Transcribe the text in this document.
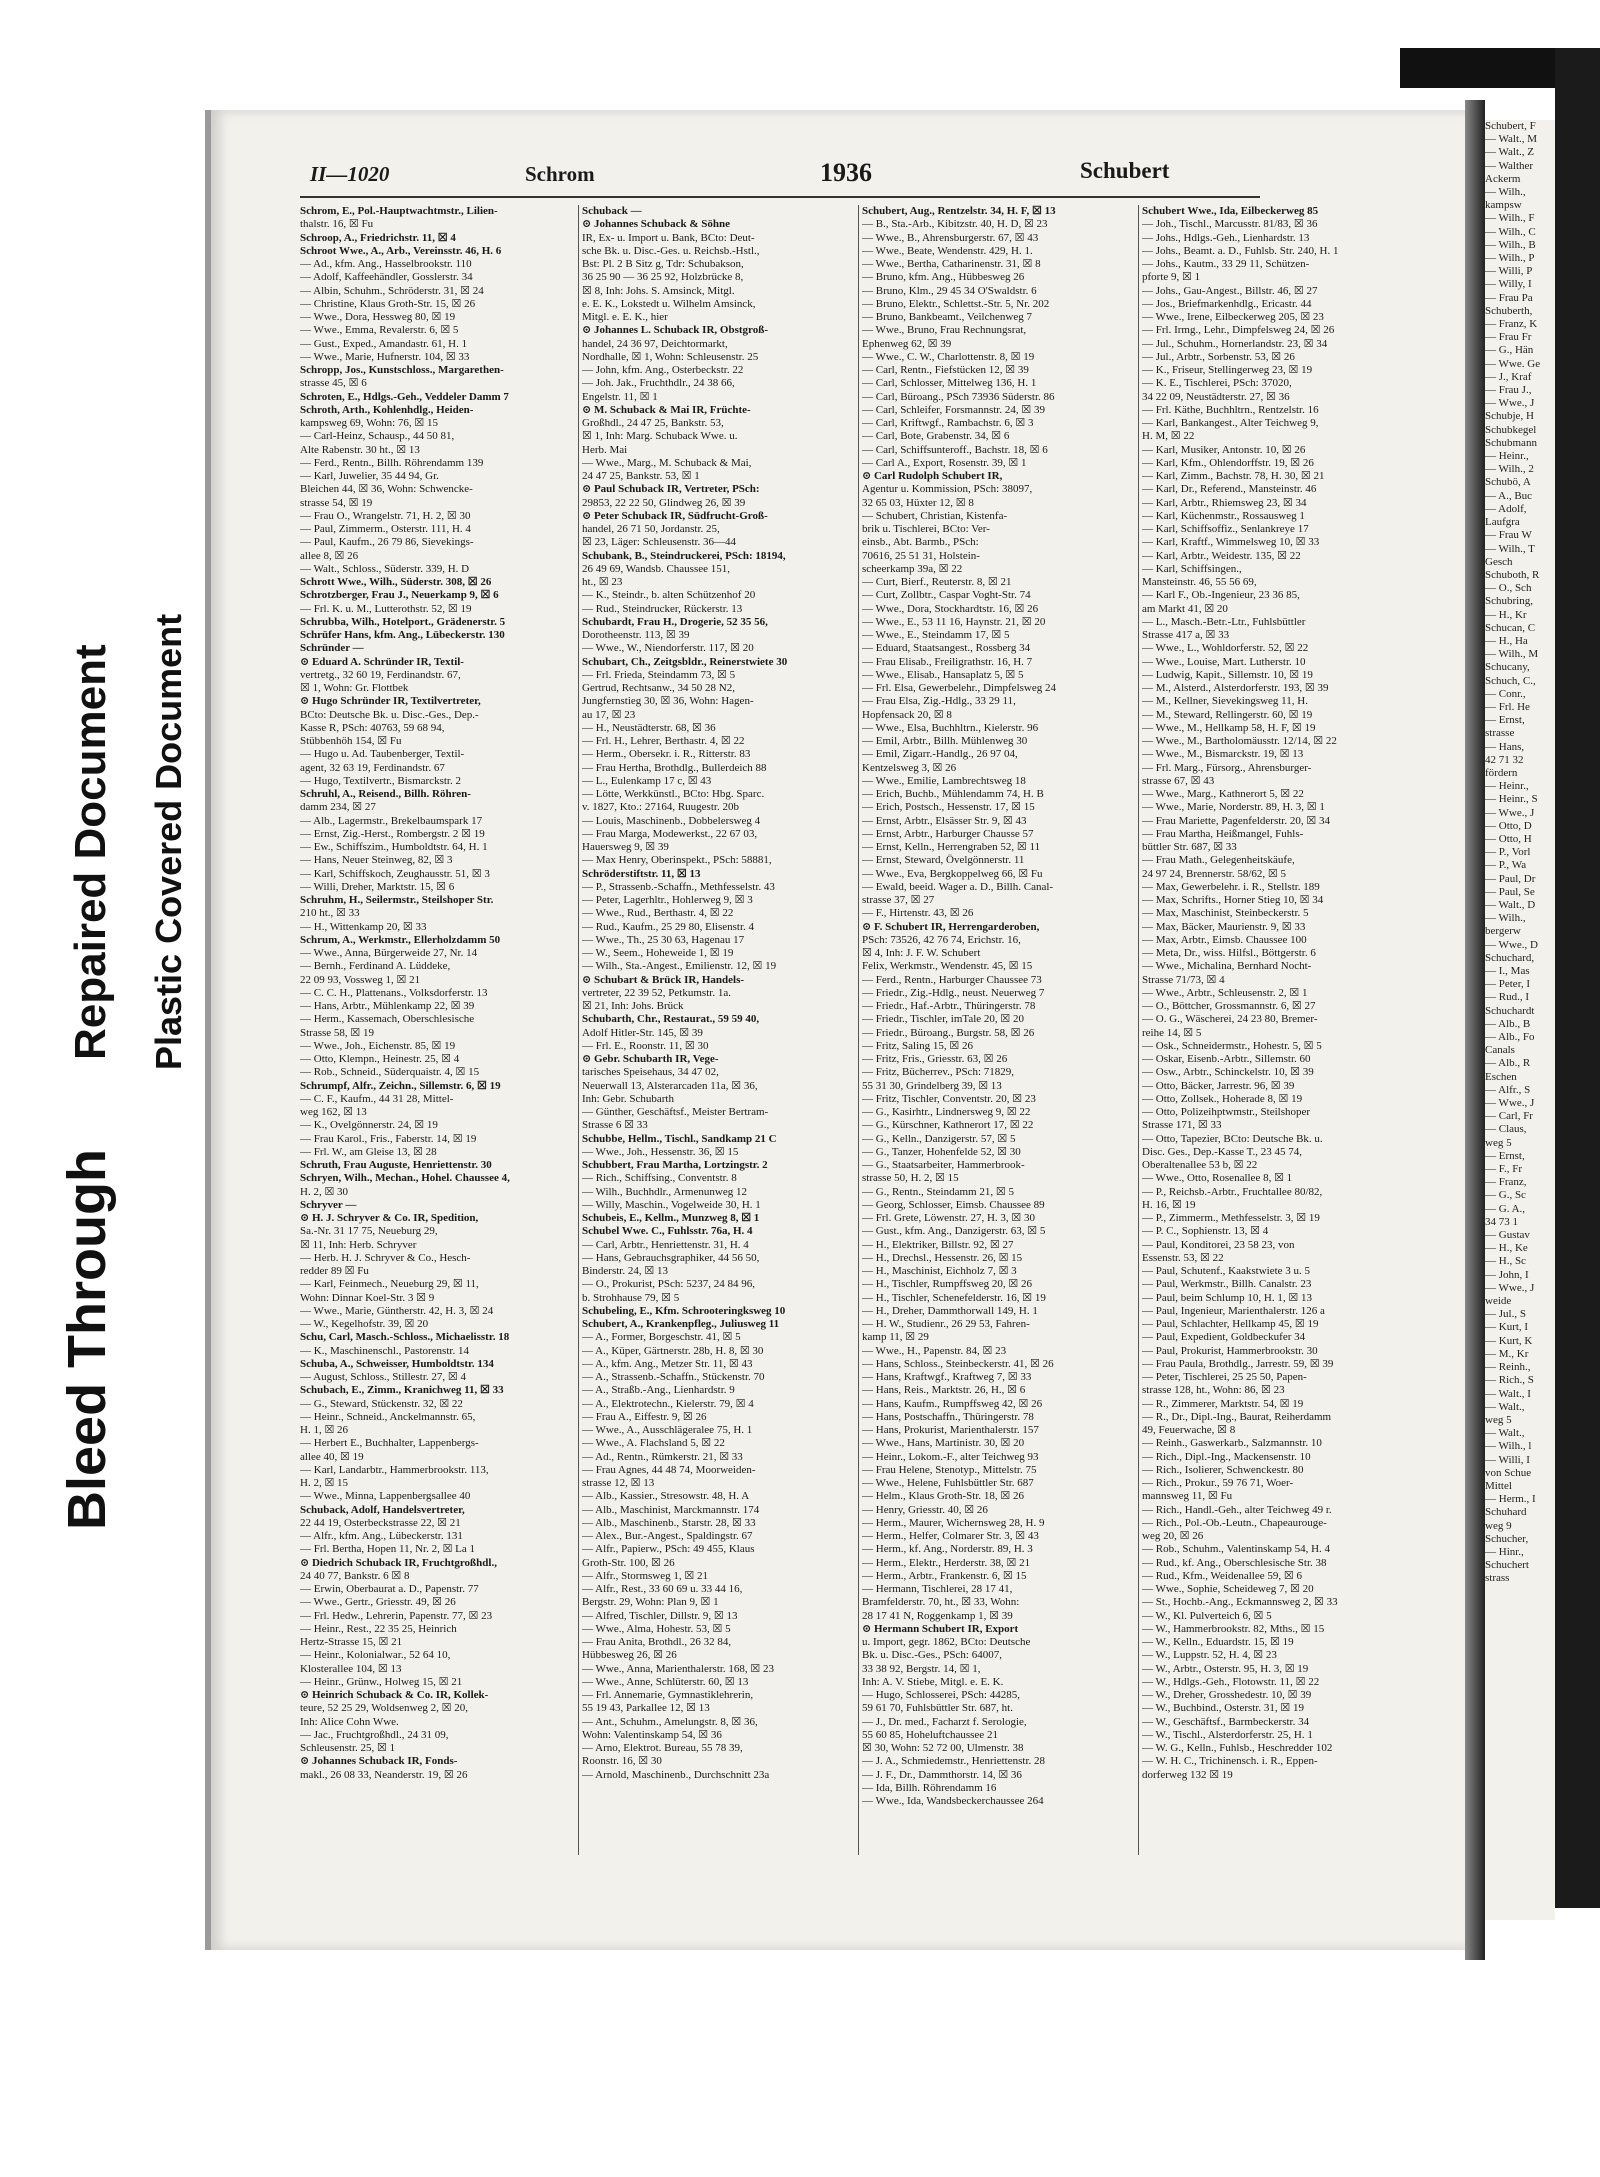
Bleed Through
Repaired Document Plastic Covered Document
Schubert, F
— Walt., M
— Walt., Z
— Walther
Ackerm
— Wilh.,
kampsw
— Wilh., F
— Wilh., C
— Wilh., B
— Wilh., P
— Willi, P
— Willy, I
— Frau Pa
Schuberth,
— Franz, K
— Frau Fr
— G., Hän
— Wwe. Ge
— J., Kraf
— Frau J.,
— Wwe., J
Schubje, H
Schubkegel
Schubmann
— Heinr.,
— Wilh., 2
Schubö, A
— A., Buc
— Adolf,
Laufgra
— Frau W
— Wilh., T
Gesch
Schuboth, R
— O., Sch
Schubring,
— H., Kr
Schucan, C
— H., Ha
— Wilh., M
Schucany,
Schuch, C.,
— Conr.,
— Frl. He
— Ernst,
strasse
— Hans,
42 71 32
fördern
— Heinr.,
— Heinr., S
— Wwe., J
— Otto, D
— Otto, H
— P., Vorl
— P., Wa
— Paul, Dr
— Paul, Se
— Walt., D
— Wilh.,
bergerw
— Wwe., D
Schuchard,
— I., Mas
— Peter, I
— Rud., I
Schuchardt
— Alb., B
— Alb., Fo
Canals
— Alb., R
Eschen
— Alfr., S
— Wwe., J
— Carl, Fr
— Claus,
weg 5
— Ernst,
— F., Fr
— Franz,
— G., Sc
— G. A.,
34 73 1
— Gustav
— H., Ke
— H., Sc
— John, I
— Wwe., J
weide
— Jul., S
— Kurt, I
— Kurt, K
— M., Kr
— Reinh.,
— Rich., S
— Walt., I
— Walt.,
weg 5
— Walt.,
— Wilh., l
— Willi, I
von Schue
Mittel
— Herm., I
Schuhard
weg 9
Schucher,
— Hinr.,
Schuchert
strass
II—1020	Schrom	1936	Schubert
Schrom, E., Pol.-Hauptwachtmstr., Lilien-
thalstr. 16, ☒ Fu
Schroop, A., Friedrichstr. 11, ☒ 4
Schroot Wwe., A., Arb., Vereinsstr. 46, H. 6
— Ad., kfm. Ang., Hasselbrookstr. 110
— Adolf, Kaffeehändler, Gosslerstr. 34
— Albin, Schuhm., Schröderstr. 31, ☒ 24
— Christine, Klaus Groth-Str. 15, ☒ 26
— Wwe., Dora, Hessweg 80, ☒ 19
— Wwe., Emma, Revalerstr. 6, ☒ 5
— Gust., Exped., Amandastr. 61, H. 1
— Wwe., Marie, Hufnerstr. 104, ☒ 33
Schropp, Jos., Kunstschloss., Margarethen-
strasse 45, ☒ 6
Schroten, E., Hdlgs.-Geh., Veddeler Damm 7
Schroth, Arth., Kohlenhdlg., Heiden-
kampsweg 69, Wohn: 76, ☒ 15
— Carl-Heinz, Schausp., 44 50 81,
Alte Rabenstr. 30 ht., ☒ 13
— Ferd., Rentn., Billh. Röhrendamm 139
— Karl, Juwelier, 35 44 94, Gr.
Bleichen 44, ☒ 36, Wohn: Schwencke-
strasse 54, ☒ 19
— Frau O., Wrangelstr. 71, H. 2, ☒ 30
— Paul, Zimmerm., Osterstr. 111, H. 4
— Paul, Kaufm., 26 79 86, Sievekings-
allee 8, ☒ 26
— Walt., Schloss., Süderstr. 339, H. D
Schrott Wwe., Wilh., Süderstr. 308, ☒ 26
Schrotzberger, Frau J., Neuerkamp 9, ☒ 6
— Frl. K. u. M., Lutterothstr. 52, ☒ 19
Schrubba, Wilh., Hotelport., Grädenerstr. 5
Schrüfer Hans, kfm. Ang., Lübeckerstr. 130
Schründer —
⊙ Eduard A. Schründer IR, Textil-
vertretg., 32 60 19, Ferdinandstr. 67,
☒ 1, Wohn: Gr. Flottbek
⊙ Hugo Schründer IR, Textilvertreter,
BCto: Deutsche Bk. u. Disc.-Ges., Dep.-
Kasse R, PSch: 40763, 59 68 94,
Stübbenhöh 154, ☒ Fu
— Hugo u. Ad. Taubenberger, Textil-
agent, 32 63 19, Ferdinandstr. 67
— Hugo, Textilvertr., Bismarckstr. 2
Schruhl, A., Reisend., Billh. Röhren-
damm 234, ☒ 27
— Alb., Lagermstr., Brekelbaumspark 17
— Ernst, Zig.-Herst., Rombergstr. 2 ☒ 19
— Ew., Schiffszim., Humboldtstr. 64, H. 1
— Hans, Neuer Steinweg, 82, ☒ 3
— Karl, Schiffskoch, Zeughausstr. 51, ☒ 3
— Willi, Dreher, Marktstr. 15, ☒ 6
Schruhm, H., Seilermstr., Steilshoper Str.
210 ht., ☒ 33
— H., Wittenkamp 20, ☒ 33
Schrum, A., Werkmstr., Ellerholzdamm 50
— Wwe., Anna, Bürgerweide 27, Nr. 14
— Bernh., Ferdinand A. Lüddeke,
22 09 93, Vossweg 1, ☒ 21
— C. C. H., Plattenans., Volksdorferstr. 13
— Hans, Arbtr., Mühlenkamp 22, ☒ 39
— Herm., Kassemach, Oberschlesische
Strasse 58, ☒ 19
— Wwe., Joh., Eichenstr. 85, ☒ 19
— Otto, Klempn., Heinestr. 25, ☒ 4
— Rob., Schneid., Süderquaistr. 4, ☒ 15
Schrumpf, Alfr., Zeichn., Sillemstr. 6, ☒ 19
— C. F., Kaufm., 44 31 28, Mittel-
weg 162, ☒ 13
— K., Ovelgönnerstr. 24, ☒ 19
— Frau Karol., Fris., Faberstr. 14, ☒ 19
— Frl. W., am Gleise 13, ☒ 28
Schruth, Frau Auguste, Henriettenstr. 30
Schryen, Wilh., Mechan., Hohel. Chaussee 4,
H. 2, ☒ 30
Schryver —
⊙ H. J. Schryver & Co. IR, Spedition,
Sa.-Nr. 31 17 75, Neueburg 29,
☒ 11, Inh: Herb. Schryver
— Herb. H. J. Schryver & Co., Hesch-
redder 89 ☒ Fu
— Karl, Feinmech., Neueburg 29, ☒ 11,
Wohn: Dinnar Koel-Str. 3 ☒ 9
— Wwe., Marie, Güntherstr. 42, H. 3, ☒ 24
— W., Kegelhofstr. 39, ☒ 20
Schu, Carl, Masch.-Schloss., Michaelisstr. 18
— K., Maschinenschl., Pastorenstr. 14
Schuba, A., Schweisser, Humboldtstr. 134
— August, Schloss., Stillestr. 27, ☒ 4
Schubach, E., Zimm., Kranichweg 11, ☒ 33
— G., Steward, Stückenstr. 32, ☒ 22
— Heinr., Schneid., Anckelmannstr. 65,
H. 1, ☒ 26
— Herbert E., Buchhalter, Lappenbergs-
allee 40, ☒ 19
— Karl, Landarbtr., Hammerbrookstr. 113,
H. 2, ☒ 15
— Wwe., Minna, Lappenbergsallee 40
Schuback, Adolf, Handelsvertreter,
22 44 19, Osterbeckstrasse 22, ☒ 21
— Alfr., kfm. Ang., Lübeckerstr. 131
— Frl. Bertha, Hopen 11, Nr. 2, ☒ La 1
⊙ Diedrich Schuback IR, Fruchtgroßhdl.,
24 40 77, Bankstr. 6 ☒ 8
— Erwin, Oberbaurat a. D., Papenstr. 77
— Wwe., Gertr., Griesstr. 49, ☒ 26
— Frl. Hedw., Lehrerin, Papenstr. 77, ☒ 23
— Heinr., Rest., 22 35 25, Heinrich
Hertz-Strasse 15, ☒ 21
— Heinr., Kolonialwar., 52 64 10,
Klosterallee 104, ☒ 13
— Heinr., Grünw., Holweg 15, ☒ 21
⊙ Heinrich Schuback & Co. IR, Kollek-
teure, 52 25 29, Woldsenweg 2, ☒ 20,
Inh: Alice Cohn Wwe.
— Jac., Fruchtgroßhdl., 24 31 09,
Schleusenstr. 25, ☒ 1
⊙ Johannes Schuback IR, Fonds-
makl., 26 08 33, Neanderstr. 19, ☒ 26
Schuback —
⊙ Johannes Schuback & Söhne
IR, Ex- u. Import u. Bank, BCto: Deut-
sche Bk. u. Disc.-Ges. u. Reichsb.-Hstl.,
Bst: Pl. 2 B Sitz g, Tdr: Schubakson,
36 25 90 — 36 25 92, Holzbrücke 8,
☒ 8, Inh: Johs. S. Amsinck, Mitgl.
e. E. K., Lokstedt u. Wilhelm Amsinck,
Mitgl. e. E. K., hier
⊙ Johannes L. Schuback IR, Obstgroß-
handel, 24 36 97, Deichtormarkt,
Nordhalle, ☒ 1, Wohn: Schleusenstr. 25
— John, kfm. Ang., Osterbeckstr. 22
— Joh. Jak., Fruchthdlr., 24 38 66,
Engelstr. 11, ☒ 1
⊙ M. Schuback & Mai IR, Früchte-
Großhdl., 24 47 25, Bankstr. 53,
☒ 1, Inh: Marg. Schuback Wwe. u.
Herb. Mai
— Wwe., Marg., M. Schuback & Mai,
24 47 25, Bankstr. 53, ☒ 1
⊙ Paul Schuback IR, Vertreter, PSch:
29853, 22 22 50, Glindweg 26, ☒ 39
⊙ Peter Schuback IR, Südfrucht-Groß-
handel, 26 71 50, Jordanstr. 25,
☒ 23, Läger: Schleusenstr. 36—44
Schubank, B., Steindruckerei, PSch: 18194,
26 49 69, Wandsb. Chaussee 151,
ht., ☒ 23
— K., Steindr., b. alten Schützenhof 20
— Rud., Steindrucker, Rückerstr. 13
Schubardt, Frau H., Drogerie, 52 35 56,
Dorotheenstr. 113, ☒ 39
— Wwe., W., Niendorferstr. 117, ☒ 20
Schubart, Ch., Zeitgsbldr., Reinerstwiete 30
— Frl. Frieda, Steindamm 73, ☒ 5
Gertrud, Rechtsanw., 34 50 28 N2,
Jungfernstieg 30, ☒ 36, Wohn: Hagen-
au 17, ☒ 23
— H., Neustädterstr. 68, ☒ 36
— Frl. H., Lehrer, Berthastr. 4, ☒ 22
— Herm., Obersekr. i. R., Ritterstr. 83
— Frau Hertha, Brothdlg., Bullerdeich 88
— L., Eulenkamp 17 c, ☒ 43
— Lötte, Werkkünstl., BCto: Hbg. Sparc.
v. 1827, Kto.: 27164, Ruugestr. 20b
— Louis, Maschinenb., Dobbelersweg 4
— Frau Marga, Modewerkst., 22 67 03,
Hauersweg 9, ☒ 39
— Max Henry, Oberinspekt., PSch: 58881,
Schröderstiftstr. 11, ☒ 13
— P., Strassenb.-Schaffn., Methfesselstr. 43
— Peter, Lagerhltr., Hohlerweg 9, ☒ 3
— Wwe., Rud., Berthastr. 4, ☒ 22
— Rud., Kaufm., 25 29 80, Elisenstr. 4
— Wwe., Th., 25 30 63, Hagenau 17
— W., Seem., Hoheweide 1, ☒ 19
— Wilh., Sta.-Angest., Emilienstr. 12, ☒ 19
⊙ Schubart & Brück IR, Handels-
vertreter, 22 39 52, Petkumstr. 1a.
☒ 21, Inh: Johs. Brück
Schubarth, Chr., Restaurat., 59 59 40,
Adolf Hitler-Str. 145, ☒ 39
— Frl. E., Roonstr. 11, ☒ 30
⊙ Gebr. Schubarth IR, Vege-
tarisches Speisehaus, 34 47 02,
Neuerwall 13, Alsterarcaden 11a, ☒ 36,
Inh: Gebr. Schubarth
— Günther, Geschäftsf., Meister Bertram-
Strasse 6 ☒ 33
Schubbe, Hellm., Tischl., Sandkamp 21 C
— Wwe., Joh., Hessenstr. 36, ☒ 15
Schubbert, Frau Martha, Lortzingstr. 2
— Rich., Schiffsing., Conventstr. 8
— Wilh., Buchhdlr., Armenunweg 12
— Willy, Maschin., Vogelweide 30, H. 1
Schubeis, E., Kellm., Munzweg 8, ☒ 1
Schubel Wwe. C., Fuhlsstr. 76a, H. 4
— Carl, Arbtr., Henriettenstr. 31, H. 4
— Hans, Gebrauchsgraphiker, 44 56 50,
Binderstr. 24, ☒ 13
— O., Prokurist, PSch: 5237, 24 84 96,
b. Strohhause 79, ☒ 5
Schubeling, E., Kfm. Schrooteringksweg 10
Schubert, A., Krankenpfleg., Juliusweg 11
— A., Former, Borgeschstr. 41, ☒ 5
— A., Küper, Gärtnerstr. 28b, H. 8, ☒ 30
— A., kfm. Ang., Metzer Str. 11, ☒ 43
— A., Strassenb.-Schaffn., Stückenstr. 70
— A., Straßb.-Ang., Lienhardstr. 9
— A., Elektrotechn., Kielerstr. 79, ☒ 4
— Frau A., Eiffestr. 9, ☒ 26
— Wwe., A., Ausschlägeralee 75, H. 1
— Wwe., A. Flachsland 5, ☒ 22
— Ad., Rentn., Rümkerstr. 21, ☒ 33
— Frau Agnes, 44 48 74, Moorweiden-
strasse 12, ☒ 13
— Alb., Kassier., Stresowstr. 48, H. A
— Alb., Maschinist, Marckmannstr. 174
— Alb., Maschinenb., Starstr. 28, ☒ 33
— Alex., Bur.-Angest., Spaldingstr. 67
— Alfr., Papierw., PSch: 49 455, Klaus
Groth-Str. 100, ☒ 26
— Alfr., Stormsweg 1, ☒ 21
— Alfr., Rest., 33 60 69 u. 33 44 16,
Bergstr. 29, Wohn: Plan 9, ☒ 1
— Alfred, Tischler, Dillstr. 9, ☒ 13
— Wwe., Alma, Hohestr. 53, ☒ 5
— Frau Anita, Brothdl., 26 32 84,
Hübbesweg 26, ☒ 26
— Wwe., Anna, Marienthalerstr. 168, ☒ 23
— Wwe., Anne, Schlüterstr. 60, ☒ 13
— Frl. Annemarie, Gymnastiklehrerin,
55 19 43, Parkallee 12, ☒ 13
— Ant., Schuhm., Amelungstr. 8, ☒ 36,
Wohn: Valentinskamp 54, ☒ 36
— Arno, Elektrot. Bureau, 55 78 39,
Roonstr. 16, ☒ 30
— Arnold, Maschinenb., Durchschnitt 23a
Schubert, Aug., Rentzelstr. 34, H. F, ☒ 13
— B., Sta.-Arb., Kibitzstr. 40, H. D, ☒ 23
— Wwe., B., Ahrensburgerstr. 67, ☒ 43
— Wwe., Beate, Wendenstr. 429, H. 1.
— Wwe., Bertha, Catharinenstr. 31, ☒ 8
— Bruno, kfm. Ang., Hübbesweg 26
— Bruno, Klm., 29 45 34 O'Swaldstr. 6
— Bruno, Elektr., Schlettst.-Str. 5, Nr. 202
— Bruno, Bankbeamt., Veilchenweg 7
— Wwe., Bruno, Frau Rechnungsrat,
Ephenweg 62, ☒ 39
— Wwe., C. W., Charlottenstr. 8, ☒ 19
— Carl, Rentn., Fiefstücken 12, ☒ 39
— Carl, Schlosser, Mittelweg 136, H. 1
— Carl, Büroang., PSch 73936 Süderstr. 86
— Carl, Schleifer, Forsmannstr. 24, ☒ 39
— Carl, Kriftwgf., Rambachstr. 6, ☒ 3
— Carl, Bote, Grabenstr. 34, ☒ 6
— Carl, Schiffsunteroff., Bachstr. 18, ☒ 6
— Carl A., Export, Rosenstr. 39, ☒ 1
⊙ Carl Rudolph Schubert IR,
Agentur u. Kommission, PSch: 38097,
32 65 03, Hüxter 12, ☒ 8
— Schubert, Christian, Kistenfa-
brik u. Tischlerei, BCto: Ver-
einsb., Abt. Barmb., PSch:
70616, 25 51 31, Holstein-
scheerkamp 39a, ☒ 22
— Curt, Bierf., Reuterstr. 8, ☒ 21
— Curt, Zollbtr., Caspar Voght-Str. 74
— Wwe., Dora, Stockhardtstr. 16, ☒ 26
— Wwe., E., 53 11 16, Haynstr. 21, ☒ 20
— Wwe., E., Steindamm 17, ☒ 5
— Eduard, Staatsangest., Rossberg 34
— Frau Elisab., Freiligrathstr. 16, H. 7
— Wwe., Elisab., Hansaplatz 5, ☒ 5
— Frl. Elsa, Gewerbelehr., Dimpfelsweg 24
— Frau Elsa, Zig.-Hdlg., 33 29 11,
Hopfensack 20, ☒ 8
— Wwe., Elsa, Buchhltrn., Kielerstr. 96
— Emil, Arbtr., Billh. Mühlenweg 30
— Emil, Zigarr.-Handlg., 26 97 04,
Kentzelsweg 3, ☒ 26
— Wwe., Emilie, Lambrechtsweg 18
— Erich, Buchb., Mühlendamm 74, H. B
— Erich, Postsch., Hessenstr. 17, ☒ 15
— Ernst, Arbtr., Elsässer Str. 9, ☒ 43
— Ernst, Arbtr., Harburger Chausse 57
— Ernst, Kelln., Herrengraben 52, ☒ 11
— Ernst, Steward, Övelgönnerstr. 11
— Wwe., Eva, Bergkoppelweg 66, ☒ Fu
— Ewald, beeid. Wager a. D., Billh. Canal-
strasse 37, ☒ 27
— F., Hirtenstr. 43, ☒ 26
⊙ F. Schubert IR, Herrengarderoben,
PSch: 73526, 42 76 74, Erichstr. 16,
☒ 4, Inh: J. F. W. Schubert
Felix, Werkmstr., Wendenstr. 45, ☒ 15
— Ferd., Rentn., Harburger Chaussee 73
— Friedr., Zig.-Hdlg., neust. Neuerweg 7
— Friedr., Haf.-Arbtr., Thüringerstr. 78
— Friedr., Tischler, imTale 20, ☒ 20
— Friedr., Büroang., Burgstr. 58, ☒ 26
— Fritz, Saling 15, ☒ 26
— Fritz, Fris., Griesstr. 63, ☒ 26
— Fritz, Bücherrev., PSch: 71829,
55 31 30, Grindelberg 39, ☒ 13
— Fritz, Tischler, Conventstr. 20, ☒ 23
— G., Kasirhtr., Lindnersweg 9, ☒ 22
— G., Kürschner, Kathnerort 17, ☒ 22
— G., Kelln., Danzigerstr. 57, ☒ 5
— G., Tanzer, Hohenfelde 52, ☒ 30
— G., Staatsarbeiter, Hammerbrook-
strasse 50, H. 2, ☒ 15
— G., Rentn., Steindamm 21, ☒ 5
— Georg, Schlosser, Eimsb. Chaussee 89
— Frl. Grete, Löwenstr. 27, H. 3, ☒ 30
— Gust., kfm. Ang., Danzigerstr. 63, ☒ 5
— H., Elektriker, Billstr. 92, ☒ 27
— H., Drechsl., Hessenstr. 26, ☒ 15
— H., Maschinist, Eichholz 7, ☒ 3
— H., Tischler, Rumpffsweg 20, ☒ 26
— H., Tischler, Schenefelderstr. 16, ☒ 19
— H., Dreher, Dammthorwall 149, H. 1
— H. W., Studienr., 26 29 53, Fahren-
kamp 11, ☒ 29
— Wwe., H., Papenstr. 84, ☒ 23
— Hans, Schloss., Steinbeckerstr. 41, ☒ 26
— Hans, Kraftwgf., Kraftweg 7, ☒ 33
— Hans, Reis., Marktstr. 26, H., ☒ 6
— Hans, Kaufm., Rumpffsweg 42, ☒ 26
— Hans, Postschaffn., Thüringerstr. 78
— Hans, Prokurist, Marienthalerstr. 157
— Wwe., Hans, Martinistr. 30, ☒ 20
— Heinr., Lokom.-F., alter Teichweg 93
— Frau Helene, Stenotyp., Mittelstr. 75
— Wwe., Helene, Fuhlsbüttler Str. 687
— Helm., Klaus Groth-Str. 18, ☒ 26
— Henry, Griesstr. 40, ☒ 26
— Herm., Maurer, Wichernsweg 28, H. 9
— Herm., Helfer, Colmarer Str. 3, ☒ 43
— Herm., kf. Ang., Norderstr. 89, H. 3
— Herm., Elektr., Herderstr. 38, ☒ 21
— Herm., Arbtr., Frankenstr. 6, ☒ 15
— Hermann, Tischlerei, 28 17 41,
Bramfelderstr. 70, ht., ☒ 33, Wohn:
28 17 41 N, Roggenkamp 1, ☒ 39
⊙ Hermann Schubert IR, Export
u. Import, gegr. 1862, BCto: Deutsche
Bk. u. Disc.-Ges., PSch: 64007,
33 38 92, Bergstr. 14, ☒ 1,
Inh: A. V. Stiebe, Mitgl. e. E. K.
— Hugo, Schlosserei, PSch: 44285,
59 61 70, Fuhlsbüttler Str. 687, ht.
— J., Dr. med., Facharzt f. Serologie,
55 60 85, Hoheluftchaussee 21
☒ 30, Wohn: 52 72 00, Ulmenstr. 38
— J. A., Schmiedemstr., Henriettenstr. 28
— J. F., Dr., Dammthorstr. 14, ☒ 36
— Ida, Billh. Röhrendamm 16
— Wwe., Ida, Wandsbeckerchaussee 264
Schubert Wwe., Ida, Eilbeckerweg 85
— Joh., Tischl., Marcusstr. 81/83, ☒ 36
— Johs., Hdlgs.-Geh., Lienhardstr. 13
— Johs., Beamt. a. D., Fuhlsb. Str. 240, H. 1
— Johs., Kautm., 33 29 11, Schützen-
pforte 9, ☒ 1
— Johs., Gau-Angest., Billstr. 46, ☒ 27
— Jos., Briefmarkenhdlg., Ericastr. 44
— Wwe., Irene, Eilbeckerweg 205, ☒ 23
— Frl. Irmg., Lehr., Dimpfelsweg 24, ☒ 26
— Jul., Schuhm., Hornerlandstr. 23, ☒ 34
— Jul., Arbtr., Sorbenstr. 53, ☒ 26
— K., Friseur, Stellingerweg 23, ☒ 19
— K. E., Tischlerei, PSch: 37020,
34 22 09, Neustädterstr. 27, ☒ 36
— Frl. Käthe, Buchhltrn., Rentzelstr. 16
— Karl, Bankangest., Alter Teichweg 9,
H. M, ☒ 22
— Karl, Musiker, Antonstr. 10, ☒ 26
— Karl, Kfm., Ohlendorffstr. 19, ☒ 26
— Karl, Zimm., Bachstr. 78, H. 30, ☒ 21
— Karl, Dr., Referend., Mansteinstr. 46
— Karl, Arbtr., Rhiemsweg 23, ☒ 34
— Karl, Küchenmstr., Rossausweg 1
— Karl, Schiffsoffiz., Senlankreye 17
— Karl, Kraftf., Wimmelsweg 10, ☒ 33
— Karl, Arbtr., Weidestr. 135, ☒ 22
— Karl, Schiffsingen.,
Mansteinstr. 46, 55 56 69,
— Karl F., Ob.-Ingenieur, 23 36 85,
am Markt 41, ☒ 20
— L., Masch.-Betr.-Ltr., Fuhlsbüttler
Strasse 417 a, ☒ 33
— Wwe., L., Wohldorferstr. 52, ☒ 22
— Wwe., Louise, Mart. Lutherstr. 10
— Ludwig, Kapit., Sillemstr. 10, ☒ 19
— M., Alsterd., Alsterdorferstr. 193, ☒ 39
— M., Kellner, Sievekingsweg 11, H.
— M., Steward, Rellingerstr. 60, ☒ 19
— Wwe., M., Hellkamp 58, H. F, ☒ 19
— Wwe., M., Bartholomäusstr. 12/14, ☒ 22
— Wwe., M., Bismarckstr. 19, ☒ 13
— Frl. Marg., Fürsorg., Ahrensburger-
strasse 67, ☒ 43
— Wwe., Marg., Kathnerort 5, ☒ 22
— Wwe., Marie, Norderstr. 89, H. 3, ☒ 1
— Frau Mariette, Pagenfelderstr. 20, ☒ 34
— Frau Martha, Heißmangel, Fuhls-
büttler Str. 687, ☒ 33
— Frau Math., Gelegenheitskäufe,
24 97 24, Brennerstr. 58/62, ☒ 5
— Max, Gewerbelehr. i. R., Stellstr. 189
— Max, Schrifts., Horner Stieg 10, ☒ 34
— Max, Maschinist, Steinbeckerstr. 5
— Max, Bäcker, Maurienstr. 9, ☒ 33
— Max, Arbtr., Eimsb. Chaussee 100
— Meta, Dr., wiss. Hilfsl., Böttgerstr. 6
— Wwe., Michalina, Bernhard Nocht-
Strasse 71/73, ☒ 4
— Wwe., Arbtr., Schleusenstr. 2, ☒ 1
— O., Böttcher, Grossmannstr. 6, ☒ 27
— O. G., Wäscherei, 24 23 80, Bremer-
reihe 14, ☒ 5
— Osk., Schneidermstr., Hohestr. 5, ☒ 5
— Oskar, Eisenb.-Arbtr., Sillemstr. 60
— Osw., Arbtr., Schinckelstr. 10, ☒ 39
— Otto, Bäcker, Jarrestr. 96, ☒ 39
— Otto, Zollsek., Hoherade 8, ☒ 19
— Otto, Polizeihptwmstr., Steilshoper
Strasse 171, ☒ 33
— Otto, Tapezier, BCto: Deutsche Bk. u.
Disc. Ges., Dep.-Kasse T., 23 45 74,
Oberaltenallee 53 b, ☒ 22
— Wwe., Otto, Rosenallee 8, ☒ 1
— P., Reichsb.-Arbtr., Fruchtallee 80/82,
H. 16, ☒ 19
— P., Zimmerm., Methfesselstr. 3, ☒ 19
— P. C., Sophienstr. 13, ☒ 4
— Paul, Konditorei, 23 58 23, von
Essenstr. 53, ☒ 22
— Paul, Schutenf., Kaakstwiete 3 u. 5
— Paul, Werkmstr., Billh. Canalstr. 23
— Paul, beim Schlump 10, H. 1, ☒ 13
— Paul, Ingenieur, Marienthalerstr. 126 a
— Paul, Schlachter, Hellkamp 45, ☒ 19
— Paul, Expedient, Goldbeckufer 34
— Paul, Prokurist, Hammerbrookstr. 30
— Frau Paula, Brothdlg., Jarrestr. 59, ☒ 39
— Peter, Tischlerei, 25 25 50, Papen-
strasse 128, ht., Wohn: 86, ☒ 23
— R., Zimmerer, Marktstr. 54, ☒ 19
— R., Dr., Dipl.-Ing., Baurat, Reiherdamm
49, Feuerwache, ☒ 8
— Reinh., Gaswerkarb., Salzmannstr. 10
— Rich., Dipl.-Ing., Mackensenstr. 10
— Rich., Isolierer, Schwenckestr. 80
— Rich., Prokur., 59 76 71, Woer-
mannsweg 11, ☒ Fu
— Rich., Handl.-Geh., alter Teichweg 49 r.
— Rich., Pol.-Ob.-Leutn., Chapeaurouge-
weg 20, ☒ 26
— Rob., Schuhm., Valentinskamp 54, H. 4
— Rud., kf. Ang., Oberschlesische Str. 38
— Rud., Kfm., Weidenallee 59, ☒ 6
— Wwe., Sophie, Scheideweg 7, ☒ 20
— St., Hochb.-Ang., Eckmannsweg 2, ☒ 33
— W., Kl. Pulverteich 6, ☒ 5
— W., Hammerbrookstr. 82, Mths., ☒ 15
— W., Kelln., Eduardstr. 15, ☒ 19
— W., Luppstr. 52, H. 4, ☒ 23
— W., Arbtr., Osterstr. 95, H. 3, ☒ 19
— W., Hdlgs.-Geh., Flotowstr. 11, ☒ 22
— W., Dreher, Grosshedestr. 10, ☒ 39
— W., Buchbind., Osterstr. 31, ☒ 19
— W., Geschäftsf., Barmbeckerstr. 34
— W., Tischl., Alsterdorferstr. 25, H. 1
— W. G., Kelln., Fuhlsb., Heschredder 102
— W. H. C., Trichinensch. i. R., Eppen-
dorferweg 132 ☒ 19
